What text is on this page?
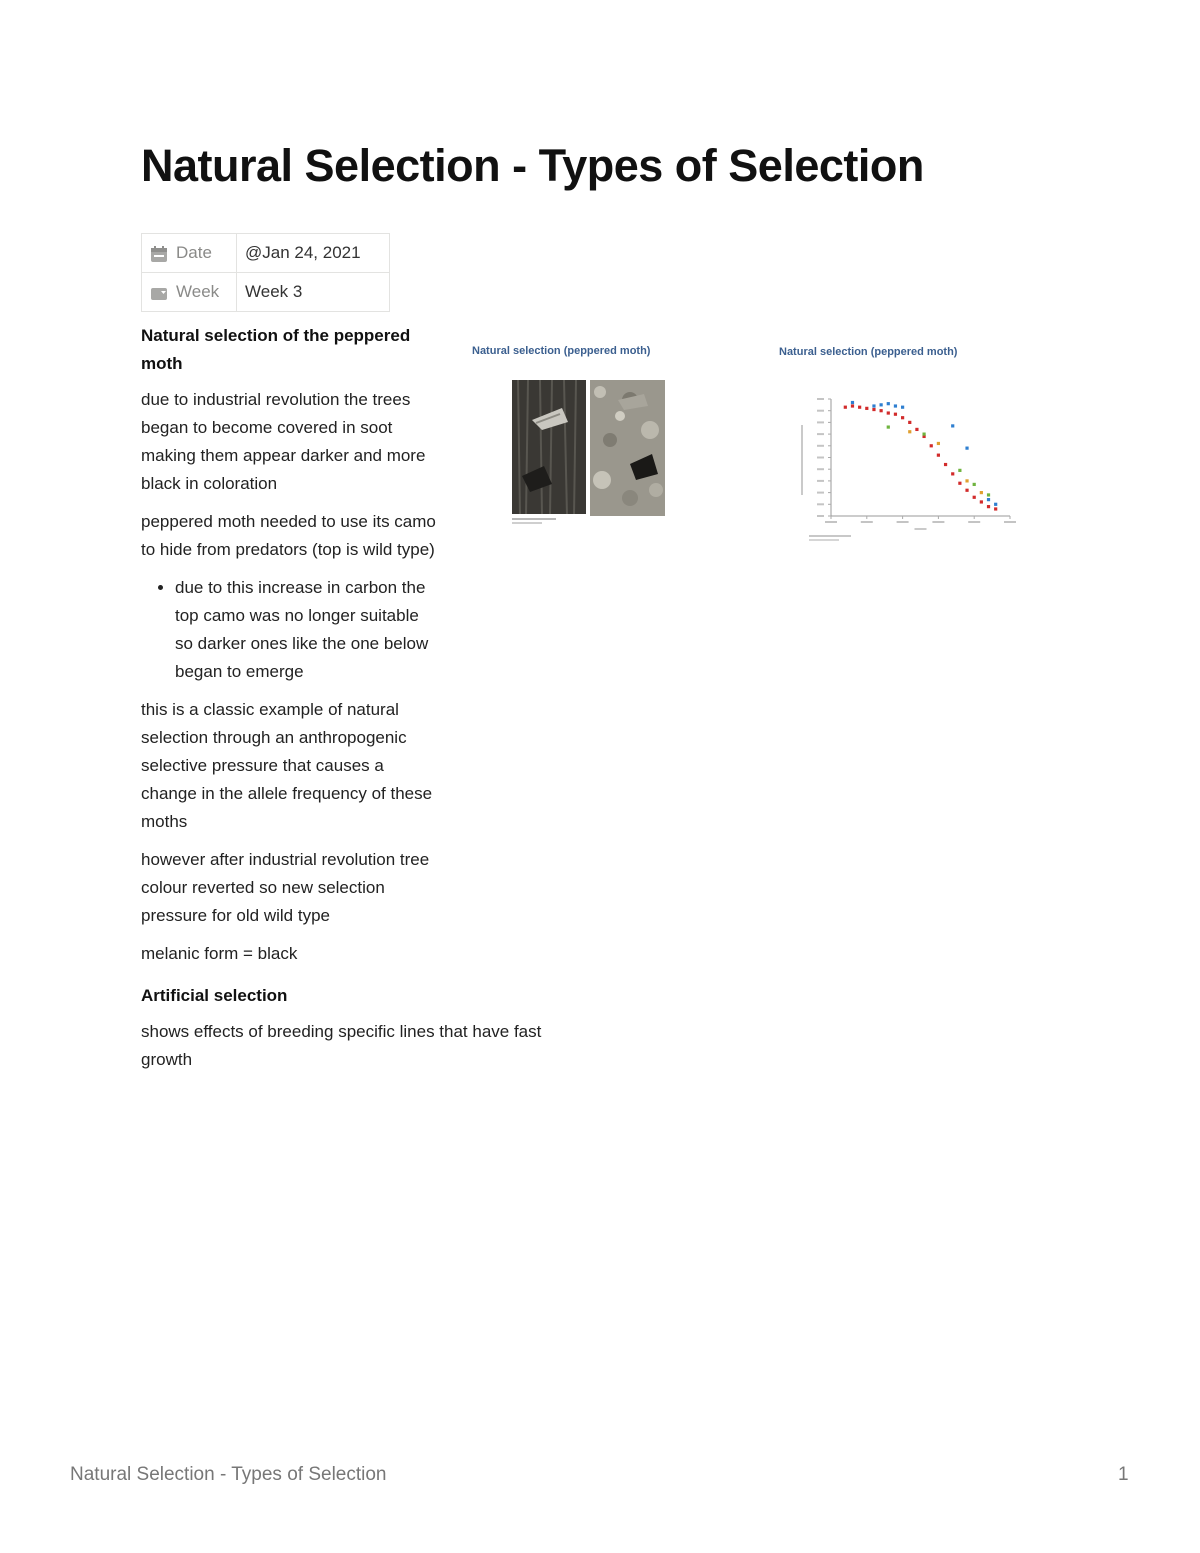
Natural Selection - Types of Selection
Date	@Jan 24, 2021
Week	Week 3
Natural selection of the peppered moth

due to industrial revolution the trees began to become covered in soot making them appear darker and more black in coloration

peppered moth needed to use its camo to hide from predators (top is wild type)

• due to this increase in carbon the top camo was no longer suitable so darker ones like the one below began to emerge

this is a classic example of natural selection through an anthropogenic selective pressure that causes a change in the allele frequency of these moths

however after industrial revolution tree colour reverted so new selection pressure for old wild type

melanic form = black

Artificial selection

shows effects of breeding specific lines that have fast growth

Natural selection (peppered moth)	Natural selection (peppered moth)
Natural Selection - Types of Selection	1
